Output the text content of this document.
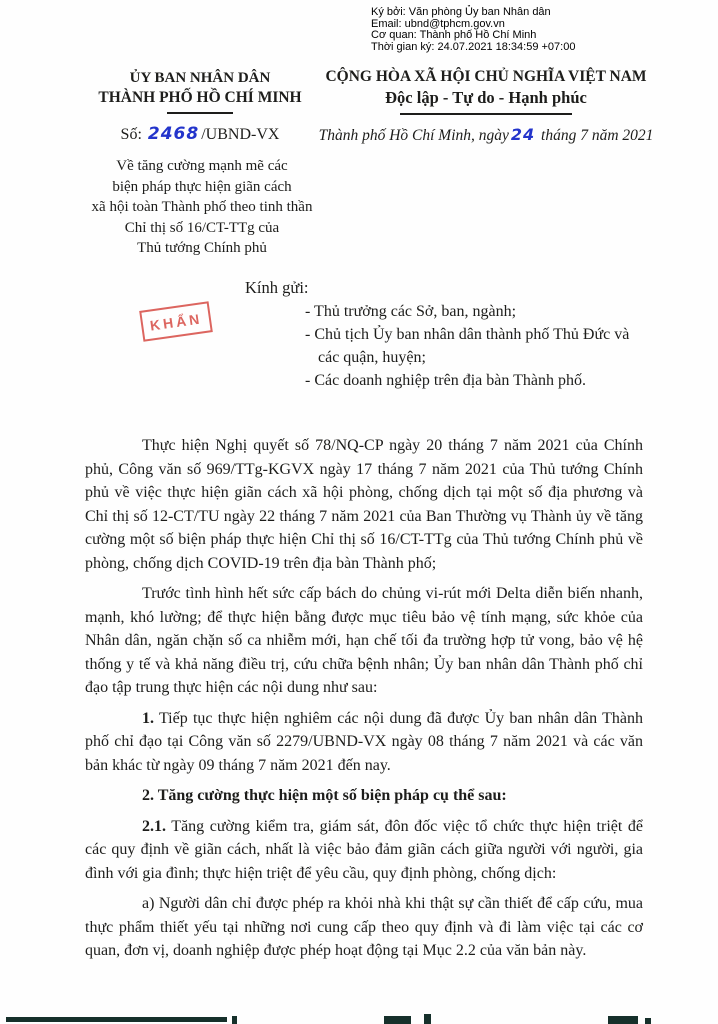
Ký bởi: Văn phòng Ủy ban Nhân dân
Email: ubnd@tphcm.gov.vn
Cơ quan: Thành phố Hồ Chí Minh
Thời gian ký: 24.07.2021 18:34:59 +07:00
ỦY BAN NHÂN DÂN
THÀNH PHỐ HỒ CHÍ MINH
CỘNG HÒA XÃ HỘI CHỦ NGHĨA VIỆT NAM
Độc lập - Tự do - Hạnh phúc
Số: 2468 /UBND-VX	Thành phố Hồ Chí Minh, ngày 24 tháng 7 năm 2021
Về tăng cường mạnh mẽ các
biện pháp thực hiện giãn cách
xã hội toàn Thành phố theo tinh thần
Chỉ thị số 16/CT-TTg của
Thủ tướng Chính phủ
KHẨN
Kính gửi:
- Thủ trưởng các Sở, ban, ngành;
- Chủ tịch Ủy ban nhân dân thành phố Thủ Đức và các quận, huyện;
- Các doanh nghiệp trên địa bàn Thành phố.

Thực hiện Nghị quyết số 78/NQ-CP ngày 20 tháng 7 năm 2021 của Chính phủ, Công văn số 969/TTg-KGVX ngày 17 tháng 7 năm 2021 của Thủ tướng Chính phủ về việc thực hiện giãn cách xã hội phòng, chống dịch tại một số địa phương và Chỉ thị số 12-CT/TU ngày 22 tháng 7 năm 2021 của Ban Thường vụ Thành ủy về tăng cường một số biện pháp thực hiện Chỉ thị số 16/CT-TTg của Thủ tướng Chính phủ về phòng, chống dịch COVID-19 trên địa bàn Thành phố;

Trước tình hình hết sức cấp bách do chủng vi-rút mới Delta diễn biến nhanh, mạnh, khó lường; để thực hiện bằng được mục tiêu bảo vệ tính mạng, sức khỏe của Nhân dân, ngăn chặn số ca nhiễm mới, hạn chế tối đa trường hợp tử vong, bảo vệ hệ thống y tế và khả năng điều trị, cứu chữa bệnh nhân; Ủy ban nhân dân Thành phố chỉ đạo tập trung thực hiện các nội dung như sau:

1. Tiếp tục thực hiện nghiêm các nội dung đã được Ủy ban nhân dân Thành phố chỉ đạo tại Công văn số 2279/UBND-VX ngày 08 tháng 7 năm 2021 và các văn bản khác từ ngày 09 tháng 7 năm 2021 đến nay.

2. Tăng cường thực hiện một số biện pháp cụ thể sau:

2.1. Tăng cường kiểm tra, giám sát, đôn đốc việc tổ chức thực hiện triệt để các quy định về giãn cách, nhất là việc bảo đảm giãn cách giữa người với người, gia đình với gia đình; thực hiện triệt để yêu cầu, quy định phòng, chống dịch:

a) Người dân chỉ được phép ra khỏi nhà khi thật sự cần thiết để cấp cứu, mua thực phẩm thiết yếu tại những nơi cung cấp theo quy định và đi làm việc tại các cơ quan, đơn vị, doanh nghiệp được phép hoạt động tại Mục 2.2 của văn bản này.
